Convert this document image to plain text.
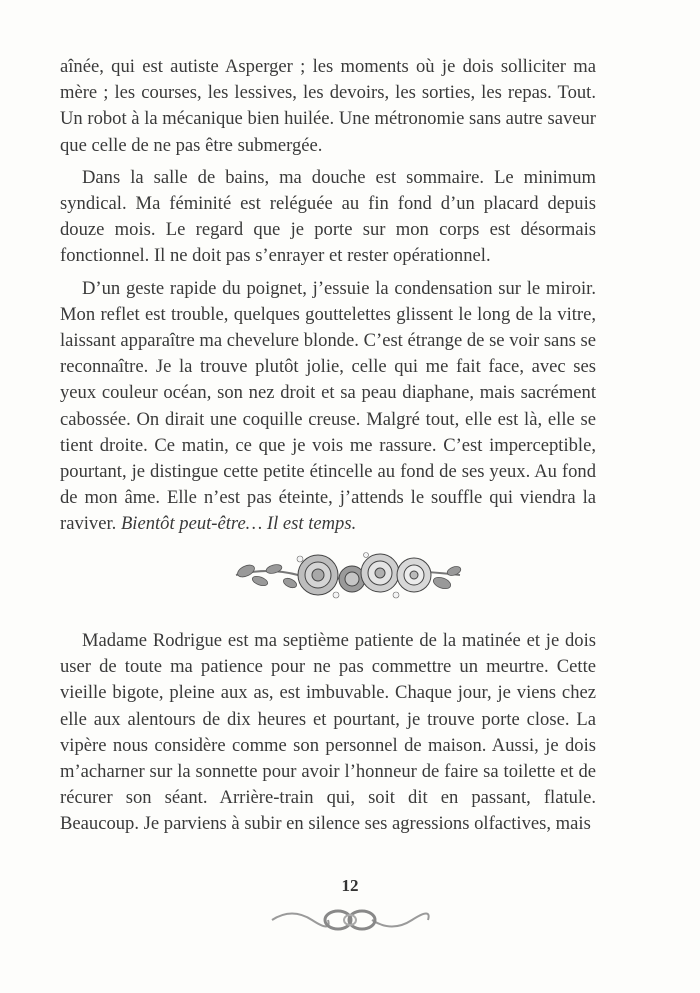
aînée, qui est autiste Asperger ; les moments où je dois solliciter ma mère ; les courses, les lessives, les devoirs, les sorties, les repas. Tout. Un robot à la mécanique bien huilée. Une métronomie sans autre saveur que celle de ne pas être submergée.

Dans la salle de bains, ma douche est sommaire. Le minimum syndical. Ma féminité est reléguée au fin fond d’un placard depuis douze mois. Le regard que je porte sur mon corps est désormais fonctionnel. Il ne doit pas s’enrayer et rester opérationnel.

D’un geste rapide du poignet, j’essuie la condensation sur le miroir. Mon reflet est trouble, quelques gouttelettes glissent le long de la vitre, laissant apparaître ma chevelure blonde. C’est étrange de se voir sans se reconnaître. Je la trouve plutôt jolie, celle qui me fait face, avec ses yeux couleur océan, son nez droit et sa peau diaphane, mais sacrément cabossée. On dirait une coquille creuse. Malgré tout, elle est là, elle se tient droite. Ce matin, ce que je vois me rassure. C’est imperceptible, pourtant, je distingue cette petite étincelle au fond de ses yeux. Au fond de mon âme. Elle n’est pas éteinte, j’attends le souffle qui viendra la raviver. Bientôt peut-être… Il est temps.

Madame Rodrigue est ma septième patiente de la matinée et je dois user de toute ma patience pour ne pas commettre un meurtre. Cette vieille bigote, pleine aux as, est imbuvable. Chaque jour, je viens chez elle aux alentours de dix heures et pourtant, je trouve porte close. La vipère nous considère comme son personnel de maison. Aussi, je dois m’acharner sur la sonnette pour avoir l’honneur de faire sa toilette et de récurer son séant. Arrière-train qui, soit dit en passant, flatule. Beaucoup. Je parviens à subir en silence ses agressions olfactives, mais

12
